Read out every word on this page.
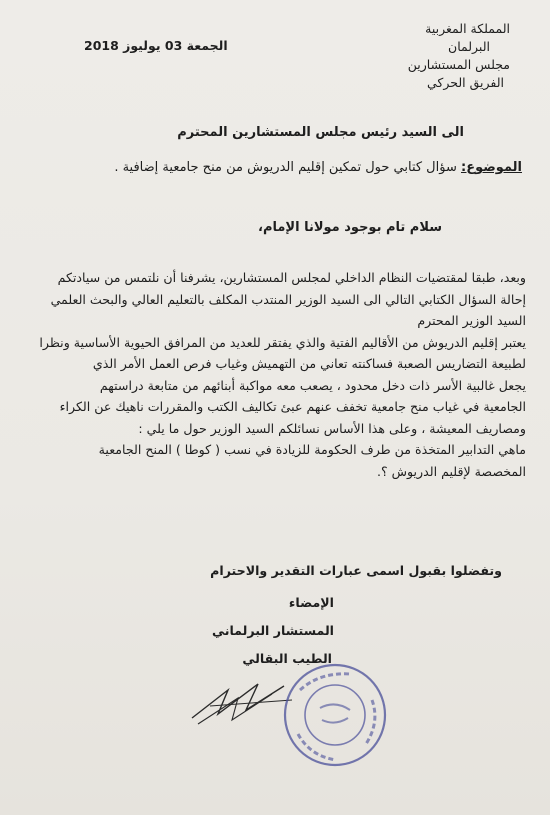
المملكة المغربية
البرلمان
مجلس المستشارين
الفريق الحركي
الجمعة 03 يوليوز 2018
الى السيد رئيس مجلس المستشارين المحترم
الموضوع: سؤال كتابي حول تمكين إقليم الدريوش من منح جامعية إضافية .
سلام تام بوجود مولانا الإمام،
وبعد، طبقا لمقتضيات النظام الداخلي لمجلس المستشارين، يشرفنا أن نلتمس من سيادتكم
إحالة السؤال الكتابي التالي الى السيد الوزير المنتدب المكلف بالتعليم العالي والبحث العلمي
السيد الوزير المحترم
يعتبر إقليم الدريوش من الأقاليم الفتية والذي يفتقر للعديد من المرافق الحيوية الأساسية ونظرا
لطبيعة التضاريس الصعبة فساكنته تعاني من التهميش وغياب فرص العمل الأمر الذي
يجعل غالبية الأسر ذات دخل محدود ، يصعب معه مواكبة أبنائهم من متابعة دراستهم
الجامعية في غياب منح جامعية تخفف عنهم عبئ تكاليف الكتب والمقررات ناهيك عن الكراء
ومصاريف المعيشة ، وعلى هذا الأساس نسائلكم السيد الوزير حول ما يلي :
ماهي التدابير المتخذة من طرف الحكومة للزيادة في نسب ( كوطا ) المنح الجامعية
المخصصة لإقليم الدريوش ؟.
وتفضلوا بقبول اسمى عبارات التقدير والاحترام
الإمضاء
المستشار البرلماني
الطيب البقالي
